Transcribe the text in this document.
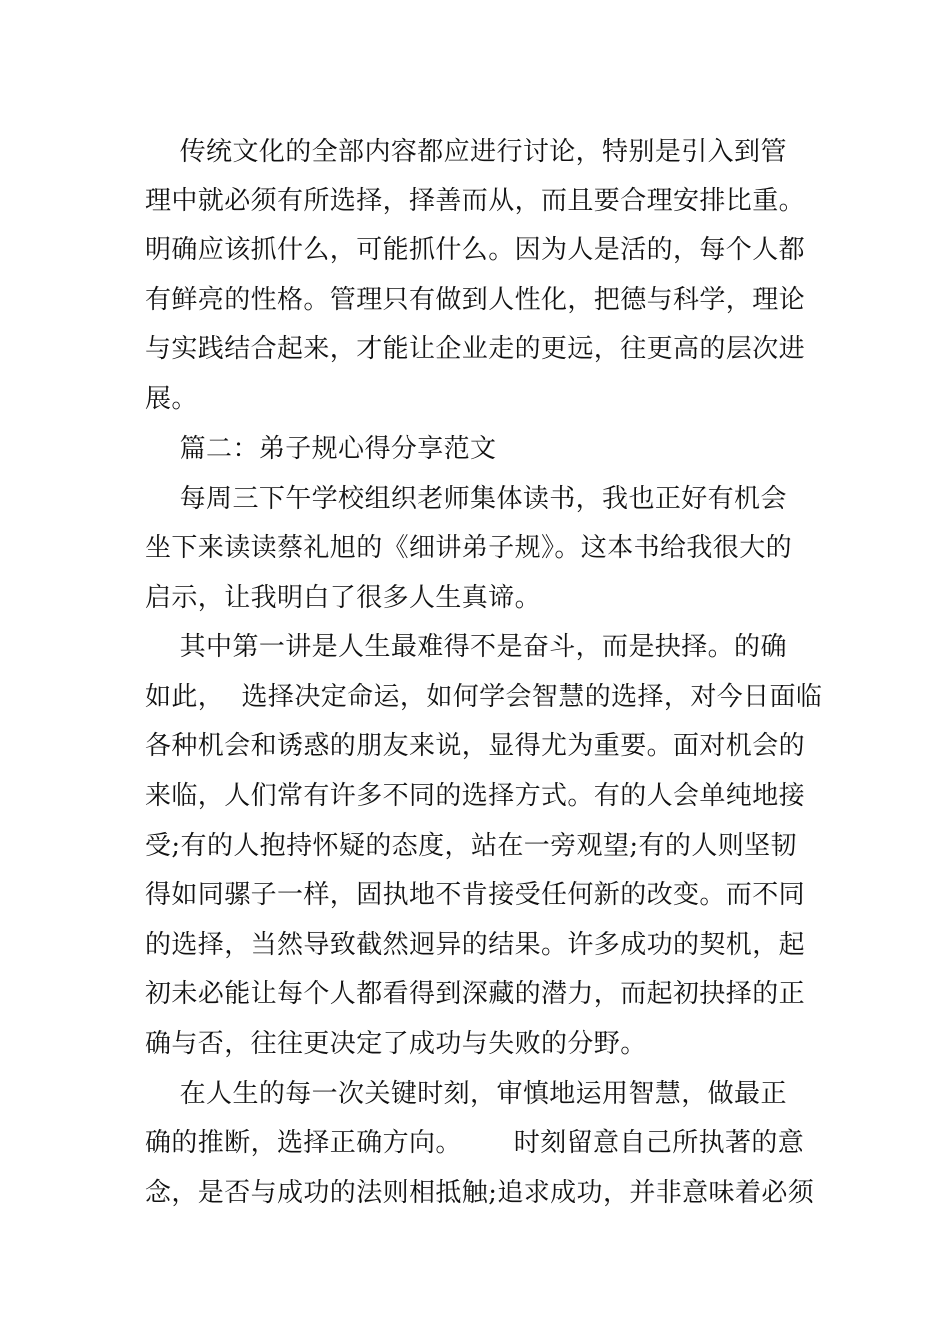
传统文化的全部内容都应进行讨论，特别是引入到管
理中就必须有所选择，择善而从，而且要合理安排比重。
明确应该抓什么，可能抓什么。因为人是活的，每个人都
有鲜亮的性格。管理只有做到人性化，把德与科学，理论
与实践结合起来，才能让企业走的更远，往更高的层次进
展。
篇二：弟子规心得分享范文
每周三下午学校组织老师集体读书，我也正好有机会
坐下来读读蔡礼旭的《细讲弟子规》。这本书给我很大的
启示，让我明白了很多人生真谛。
其中第一讲是人生最难得不是奋斗，而是抉择。的确
如此，  选择决定命运，如何学会智慧的选择，对今日面临
各种机会和诱惑的朋友来说，显得尤为重要。面对机会的
来临，人们常有许多不同的选择方式。有的人会单纯地接
受;有的人抱持怀疑的态度，站在一旁观望;有的人则坚韧
得如同骡子一样，固执地不肯接受任何新的改变。而不同
的选择，当然导致截然迥异的结果。许多成功的契机，起
初未必能让每个人都看得到深藏的潜力，而起初抉择的正
确与否，往往更决定了成功与失败的分野。
在人生的每一次关键时刻，审慎地运用智慧，做最正
确的推断，选择正确方向。      时刻留意自己所执著的意
念，是否与成功的法则相抵触;追求成功，并非意味着必须
